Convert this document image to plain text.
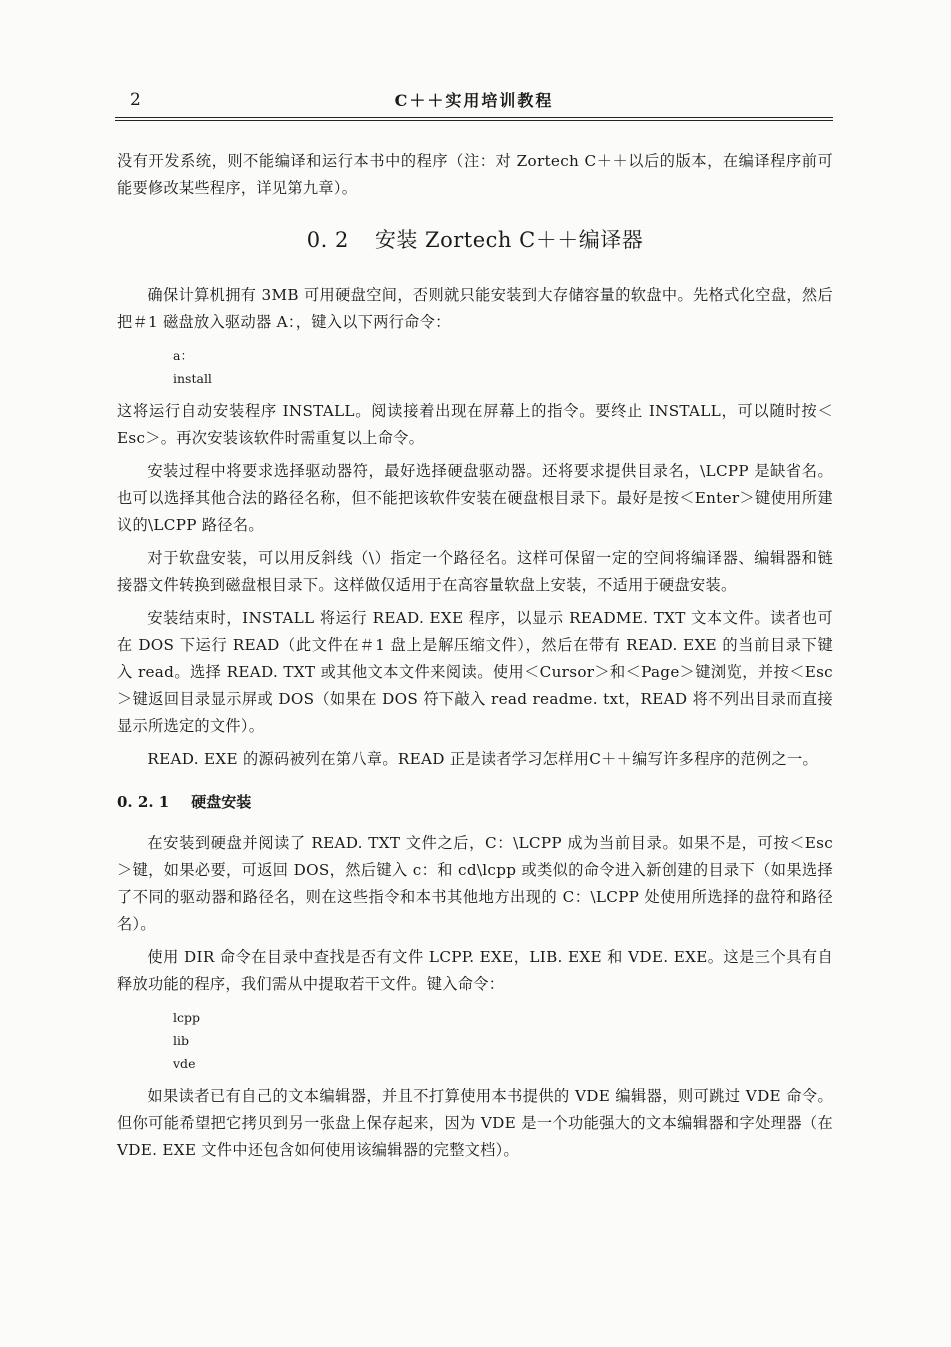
2	C＋＋实用培训教程

没有开发系统，则不能编译和运行本书中的程序（注：对 Zortech C＋＋以后的版本，在编译程序前可能要修改某些程序，详见第九章）。

0. 2 安装 Zortech C＋＋编译器

确保计算机拥有 3MB 可用硬盘空间，否则就只能安装到大存储容量的软盘中。先格式化空盘，然后把＃1 磁盘放入驱动器 A：，键入以下两行命令：

a：
install

这将运行自动安装程序 INSTALL。阅读接着出现在屏幕上的指令。要终止 INSTALL，可以随时按＜Esc＞。再次安装该软件时需重复以上命令。

安装过程中将要求选择驱动器符，最好选择硬盘驱动器。还将要求提供目录名，\LCPP 是缺省名。也可以选择其他合法的路径名称，但不能把该软件安装在硬盘根目录下。最好是按＜Enter＞键使用所建议的\LCPP 路径名。

对于软盘安装，可以用反斜线（\）指定一个路径名。这样可保留一定的空间将编译器、编辑器和链接器文件转换到磁盘根目录下。这样做仅适用于在高容量软盘上安装，不适用于硬盘安装。

安装结束时，INSTALL 将运行 READ. EXE 程序，以显示 README. TXT 文本文件。读者也可在 DOS 下运行 READ（此文件在＃1 盘上是解压缩文件），然后在带有 READ. EXE 的当前目录下键入 read。选择 READ. TXT 或其他文本文件来阅读。使用＜Cursor＞和＜Page＞键浏览，并按＜Esc＞键返回目录显示屏或 DOS（如果在 DOS 符下敲入 read readme. txt，READ 将不列出目录而直接显示所选定的文件）。

READ. EXE 的源码被列在第八章。READ 正是读者学习怎样用C＋＋编写许多程序的范例之一。

0. 2. 1 硬盘安装

在安装到硬盘并阅读了 READ. TXT 文件之后，C：\LCPP 成为当前目录。如果不是，可按＜Esc＞键，如果必要，可返回 DOS，然后键入 c：和 cd\lcpp 或类似的命令进入新创建的目录下（如果选择了不同的驱动器和路径名，则在这些指令和本书其他地方出现的 C：\LCPP 处使用所选择的盘符和路径名）。

使用 DIR 命令在目录中查找是否有文件 LCPP. EXE，LIB. EXE 和 VDE. EXE。这是三个具有自释放功能的程序，我们需从中提取若干文件。键入命令：

lcpp
lib
vde

如果读者已有自己的文本编辑器，并且不打算使用本书提供的 VDE 编辑器，则可跳过 VDE 命令。但你可能希望把它拷贝到另一张盘上保存起来，因为 VDE 是一个功能强大的文本编辑器和字处理器（在 VDE. EXE 文件中还包含如何使用该编辑器的完整文档）。
